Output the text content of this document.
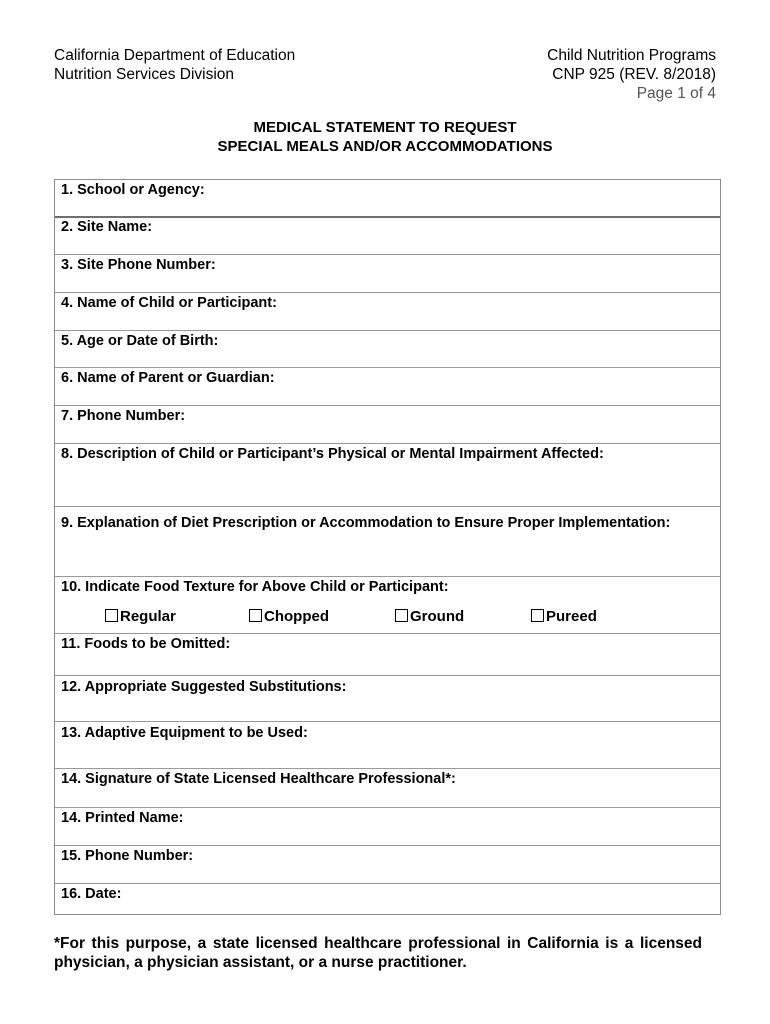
California Department of Education
Nutrition Services Division
Child Nutrition Programs
CNP 925 (REV. 8/2018)
Page 1 of 4
MEDICAL STATEMENT TO REQUEST
SPECIAL MEALS AND/OR ACCOMMODATIONS
1. School or Agency:
2. Site Name:
3. Site Phone Number:
4. Name of Child or Participant:
5. Age or Date of Birth:
6. Name of Parent or Guardian:
7. Phone Number:
8. Description of Child or Participant’s Physical or Mental Impairment Affected:
9. Explanation of Diet Prescription or Accommodation to Ensure Proper Implementation:
10. Indicate Food Texture for Above Child or Participant:
Regular	Chopped	Ground	Pureed
11. Foods to be Omitted:
12. Appropriate Suggested Substitutions:
13. Adaptive Equipment to be Used:
14. Signature of State Licensed Healthcare Professional*:
14. Printed Name:
15. Phone Number:
16. Date:
*For this purpose, a state licensed healthcare professional in California is a licensed physician, a physician assistant, or a nurse practitioner.
